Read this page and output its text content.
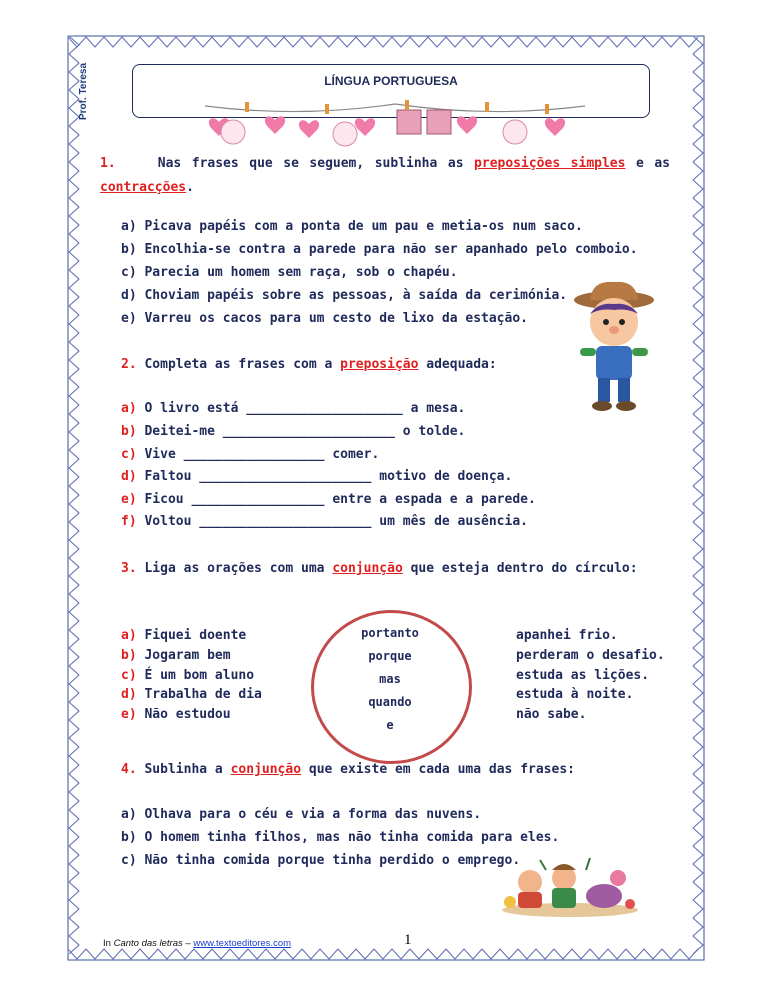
Prof. Teresa	LÍNGUA PORTUGUESA
1.	Nas frases que se seguem, sublinha as preposições simples e as contracções.
a) Picava papéis com a ponta de um pau e metia-os num saco.
b) Encolhia-se contra a parede para não ser apanhado pelo comboio.
c) Parecia um homem sem raça, sob o chapéu.
d) Choviam papéis sobre as pessoas, à saída da cerimónia.
e) Varreu os cacos para um cesto de lixo da estação.
2. Completa as frases com a preposição adequada:
a) O livro está ____________________ a mesa.
b) Deitei-me ______________________ o tolde.
c) Vive __________________ comer.
d) Faltou ______________________ motivo de doença.
e) Ficou _________________ entre a espada e a parede.
f) Voltou ______________________ um mês de ausência.
3. Liga as orações com uma conjunção que esteja dentro do círculo:
a) Fiquei doente
b) Jogaram bem
c) É um bom aluno
d) Trabalha de dia
e) Não estudou
portanto
porque
mas
quando
e
apanhei frio.
perderam o desafio.
estuda as lições.
estuda à noite.
não sabe.
4. Sublinha a conjunção que existe em cada uma das frases:
a) Olhava para o céu e via a forma das nuvens.
b) O homem tinha filhos, mas não tinha comida para eles.
c) Não tinha comida porque tinha perdido o emprego.
In Canto das letras – www.textoeditores.com	1
